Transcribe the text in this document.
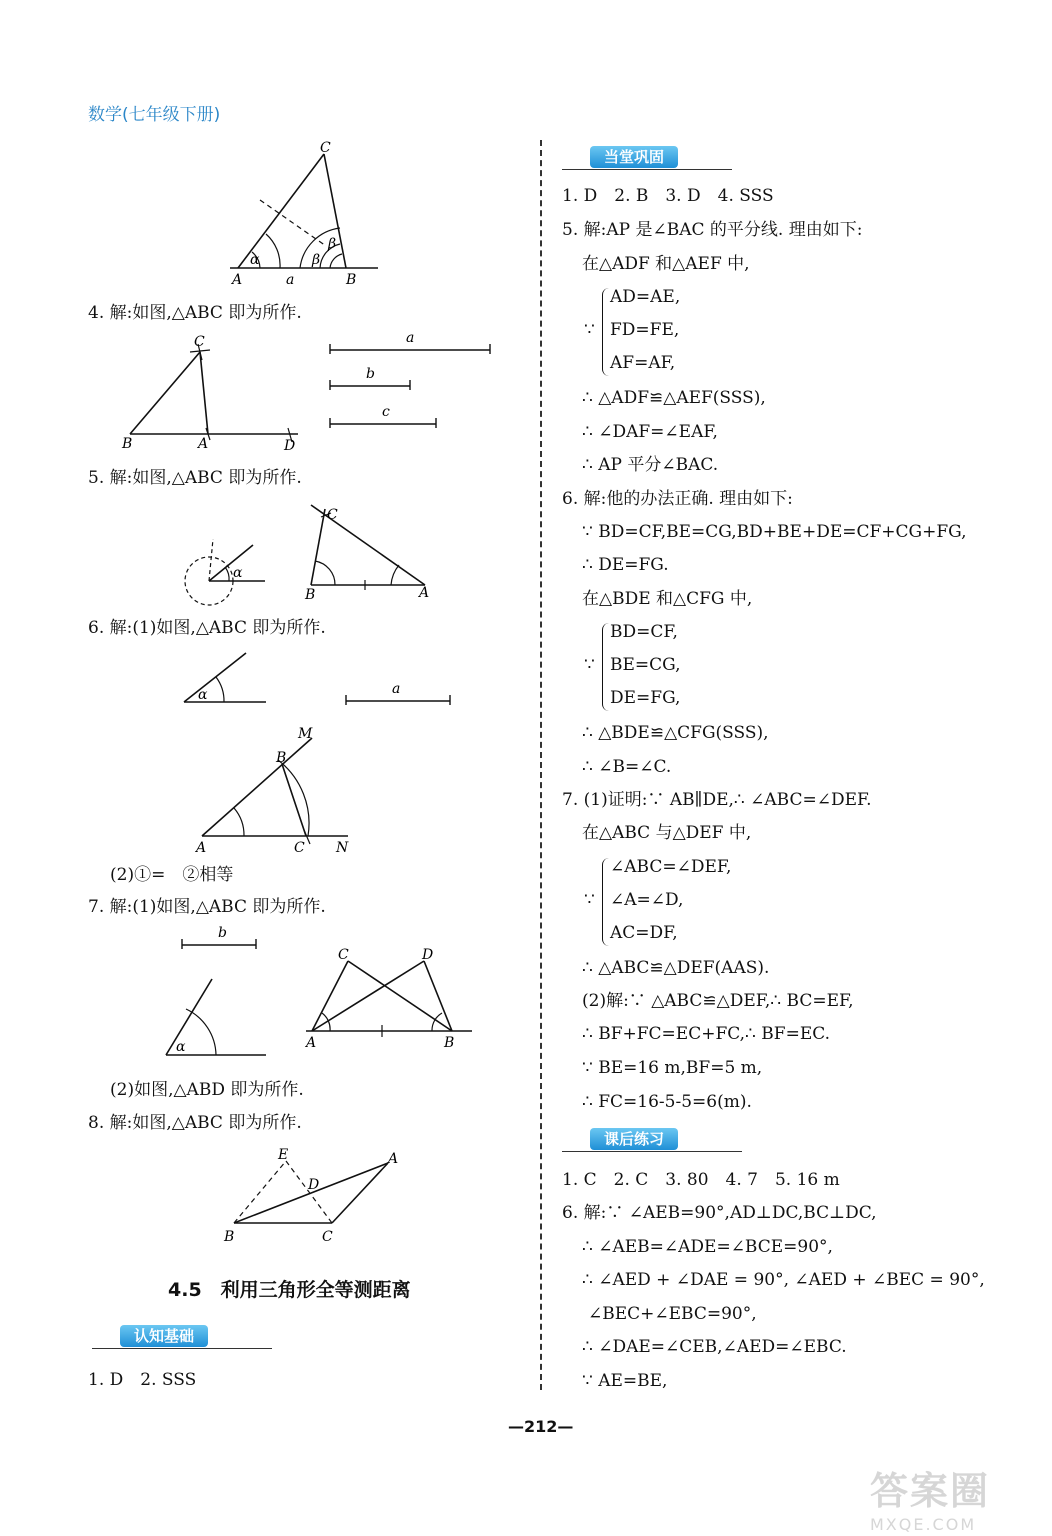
数学(七年级下册)
C
A
α
a
β
β
B
4. 解:如图,△ABC 即为所作.
C
B	A	D
a
b
c
5. 解:如图,△ABC 即为所作.
α
C
B	A
6. 解:(1)如图,△ABC 即为所作.
α	a
M
B
A	C N
(2)①=　②相等
7. 解:(1)如图,△ABC 即为所作.
b
α
C	D
A	B
(2)如图,△ABD 即为所作.
8. 解:如图,△ABC 即为所作.
E	A
D
B	C
4.5　利用三角形全等测距离
认知基础
1. D　2. SSS
当堂巩固
1. D　2. B　3. D　4. SSS
5. 解:AP 是∠BAC 的平分线. 理由如下:
在△ADF 和△AEF 中,
∵
AD=AE,
FD=FE,
AF=AF,
∴ △ADF≌△AEF(SSS),
∴ ∠DAF=∠EAF,
∴ AP 平分∠BAC.
6. 解:他的办法正确. 理由如下:
∵ BD=CF,BE=CG,BD+BE+DE=CF+CG+FG,
∴ DE=FG.
在△BDE 和△CFG 中,
∵
BD=CF,
BE=CG,
DE=FG,
∴ △BDE≌△CFG(SSS),
∴ ∠B=∠C.
7. (1)证明:∵ AB∥DE,∴ ∠ABC=∠DEF.
在△ABC 与△DEF 中,
∵
∠ABC=∠DEF,
∠A=∠D,
AC=DF,
∴ △ABC≌△DEF(AAS).
(2)解:∵ △ABC≌△DEF,∴ BC=EF,
∴ BF+FC=EC+FC,∴ BF=EC.
∵ BE=16 m,BF=5 m,
∴ FC=16-5-5=6(m).
课后练习
1. C　2. C　3. 80　4. 7　5. 16 m
6. 解:∵ ∠AEB=90°,AD⊥DC,BC⊥DC,
∴ ∠AEB=∠ADE=∠BCE=90°,
∴ ∠AED + ∠DAE = 90°, ∠AED + ∠BEC = 90°,
∠BEC+∠EBC=90°,
∴ ∠DAE=∠CEB,∠AED=∠EBC.
∵ AE=BE,
—212—
答案圈
MXQE.COM
